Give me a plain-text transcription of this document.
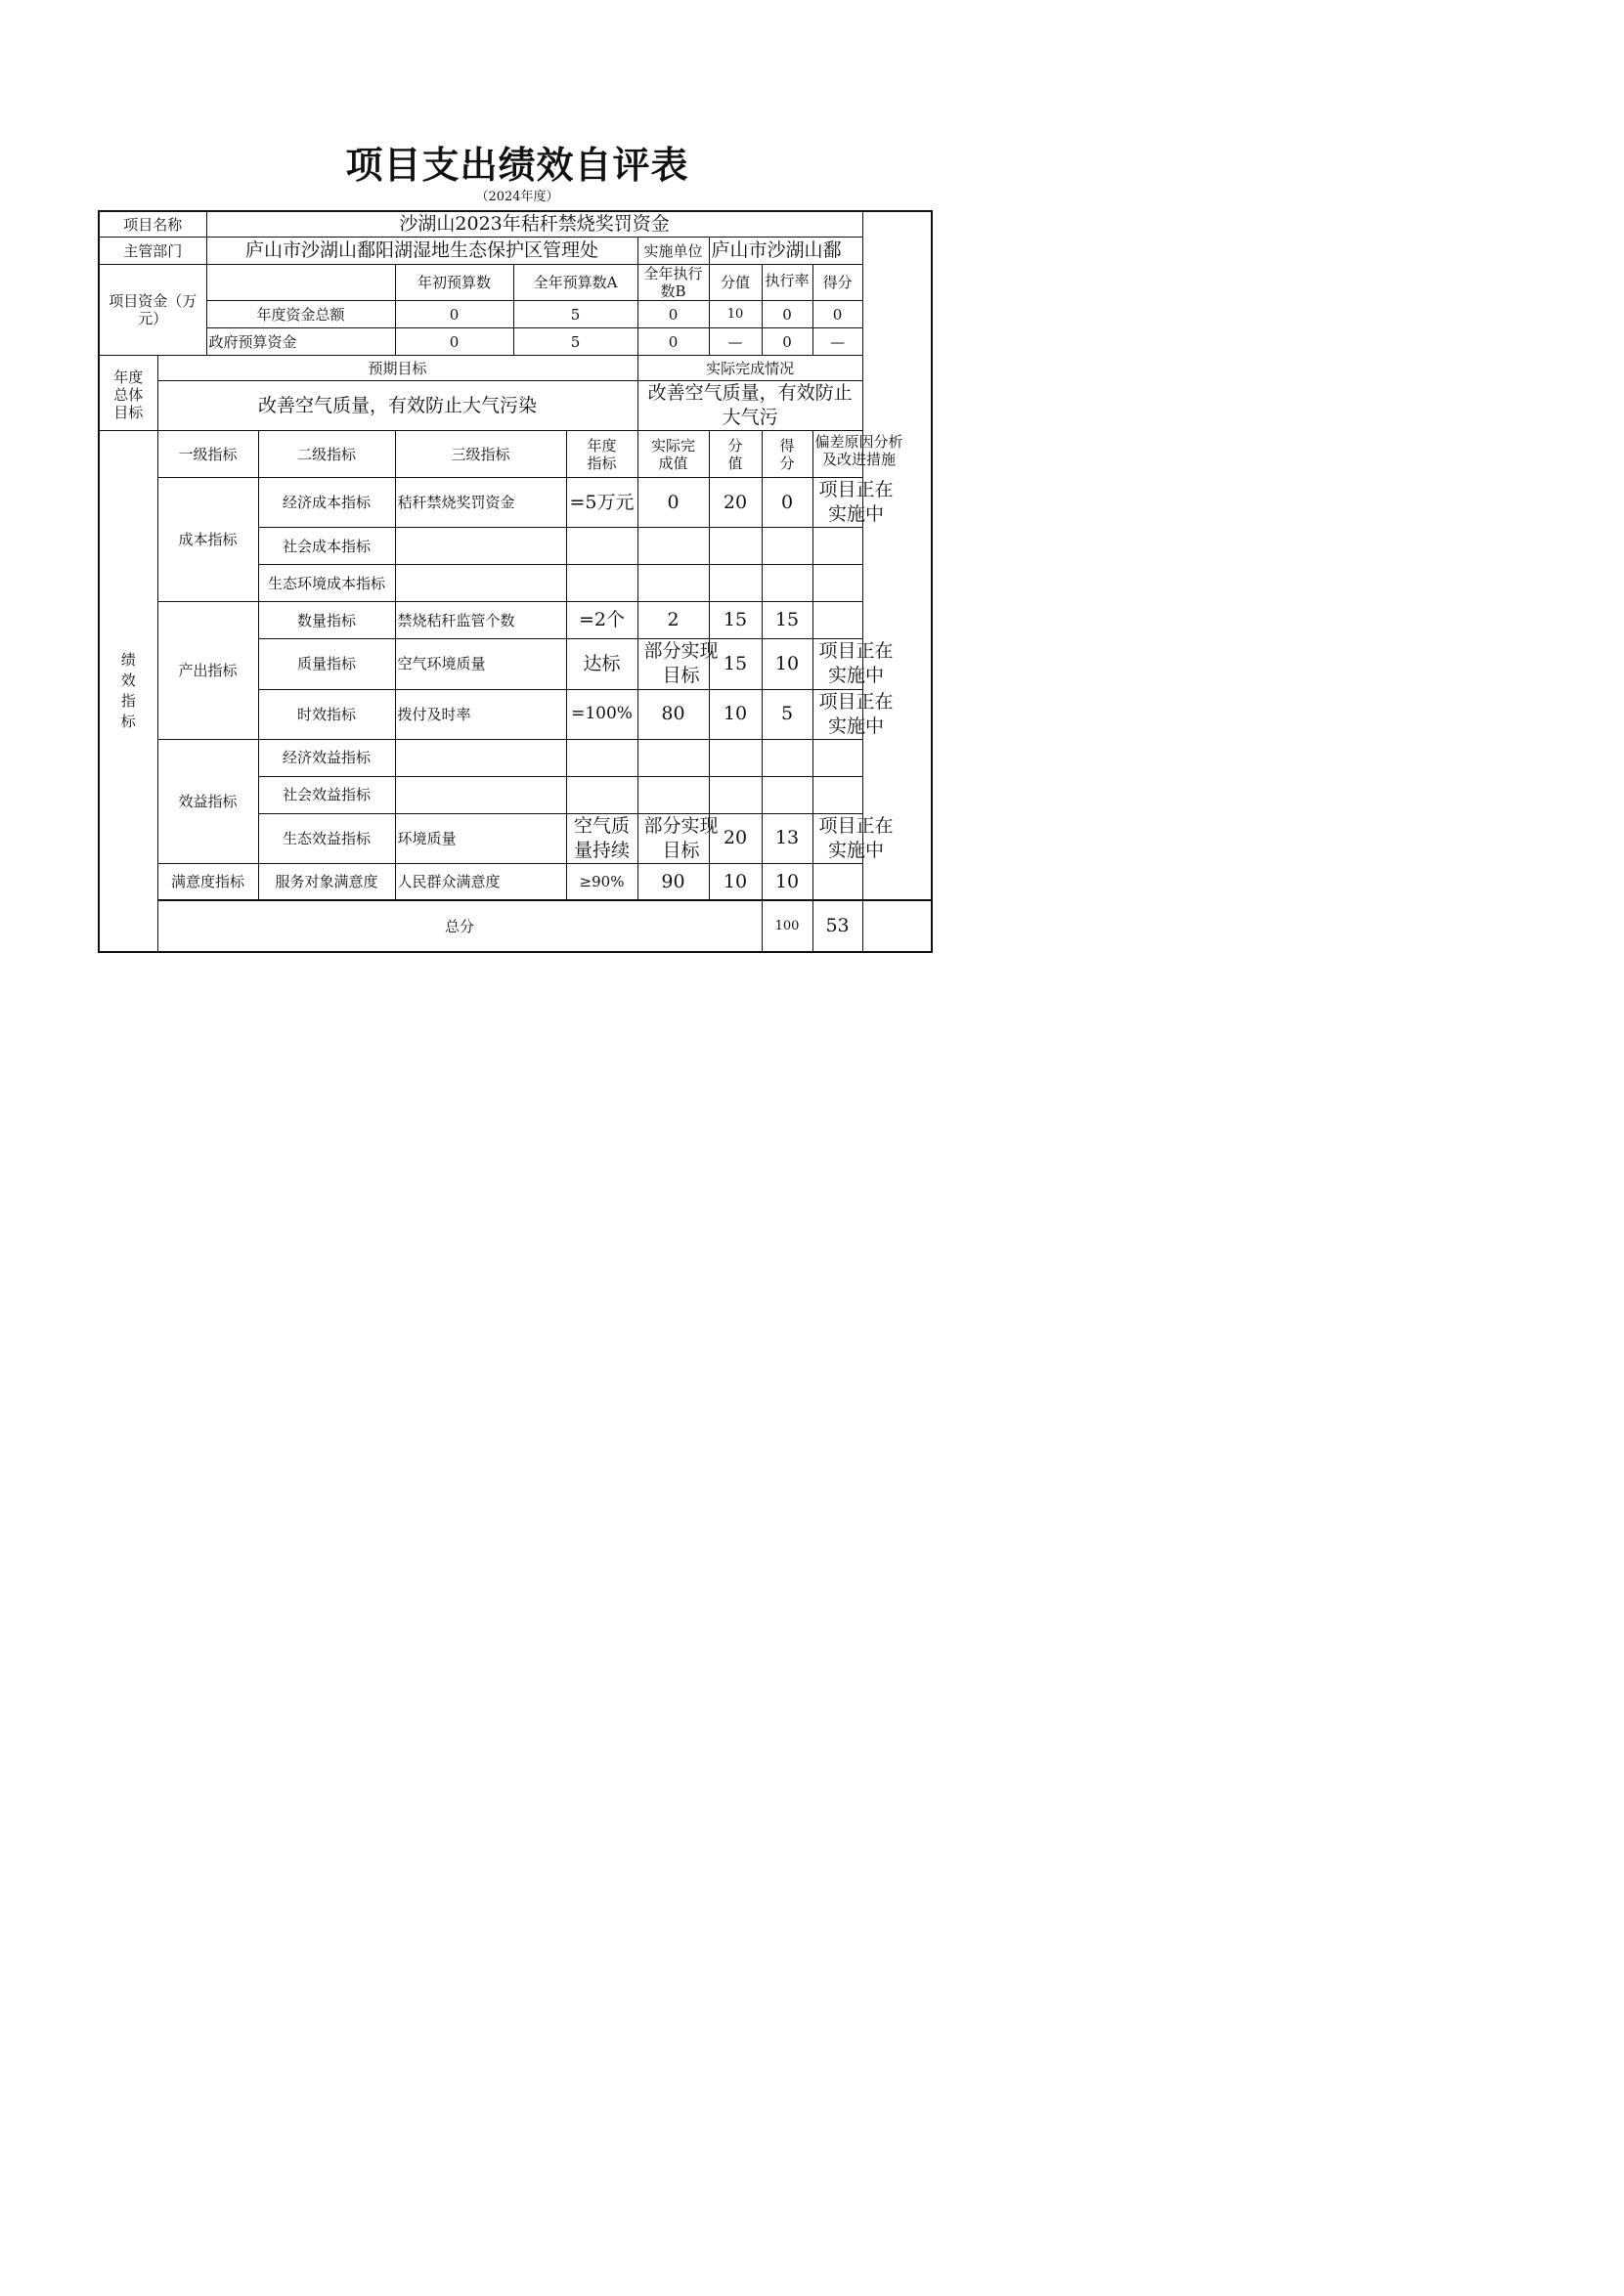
项目支出绩效自评表
（2024年度）
项目名称		沙湖山2023年秸秆禁烧奖罚资金									
主管部门		庐山市沙湖山鄱阳湖湿地生态保护区管理处					实施单位	庐山市沙湖山鄱			
项目资金（万元）				年初预算数	全年预算数A		全年执行数B	分值	执行率	得分	
		年度资金总额		0	5		0	10	0	0	
		政府预算资金		0	5		0	—	0	—	

年度总体目标	预期目标						实际完成情况				
	改善空气质量，有效防止大气污染						改善空气质量，有效防止大气污				

绩效指标	一级指标		二级指标	三级指标		年度指标	实际完成值	分值	得分	偏差原因分析及改进措施	

	成本指标		经济成本指标	秸秆禁烧奖罚资金		=5万元	0	20	0	项目正在实施中	

			社会成本指标								
			生态环境成本指标								
	产出指标		数量指标	禁烧秸秆监管个数		=2个	2	15	15		
			质量指标	空气环境质量		达标	部分实现目标	15	10	项目正在实施中	

			时效指标	拨付及时率		=100%	80	10	5	项目正在实施中	

	效益指标		经济效益指标								
			社会效益指标								
			生态效益指标	环境质量		空气质量持续	部分实现目标	20	13	项目正在实施中	

	满意度指标		服务对象满意度	人民群众满意度		≥90%	90	10	10		
	总分								100	53	
